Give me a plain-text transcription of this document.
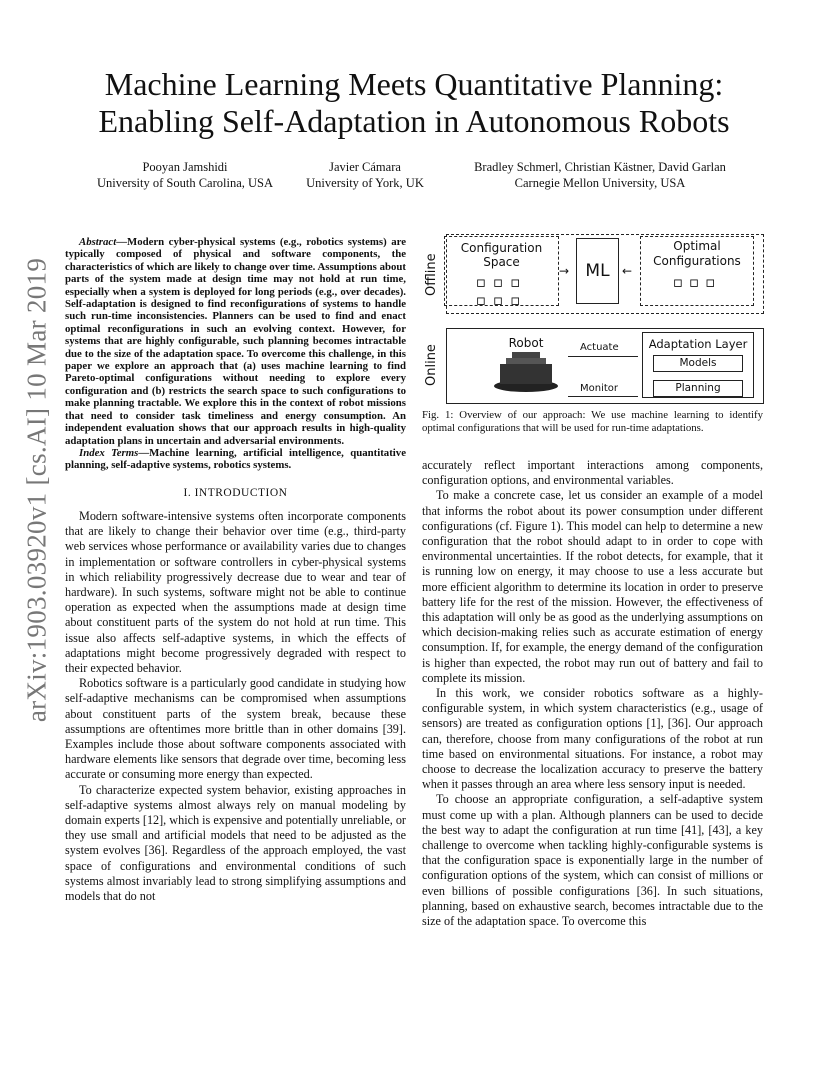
arXiv:1903.03920v1 [cs.AI] 10 Mar 2019
Machine Learning Meets Quantitative Planning:
Enabling Self-Adaptation in Autonomous Robots
Pooyan Jamshidi
University of South Carolina, USA
Javier Cámara
University of York, UK
Bradley Schmerl, Christian Kästner, David Garlan
Carnegie Mellon University, USA

Abstract—Modern cyber-physical systems (e.g., robotics systems) are typically composed of physical and software components, the characteristics of which are likely to change over time. Assumptions about parts of the system made at design time may not hold at run time, especially when a system is deployed for long periods (e.g., over decades). Self-adaptation is designed to find reconfigurations of systems to handle such run-time inconsistencies. Planners can be used to find and enact optimal reconfigurations in such an evolving context. However, for systems that are highly configurable, such planning becomes intractable due to the size of the adaptation space. To overcome this challenge, in this paper we explore an approach that (a) uses machine learning to find Pareto-optimal configurations without needing to explore every configuration and (b) restricts the search space to such configurations to make planning tractable. We explore this in the context of robot missions that need to consider task timeliness and energy consumption. An independent evaluation shows that our approach results in high-quality adaptation plans in uncertain and adversarial environments.

Index Terms—Machine learning, artificial intelligence, quantitative planning, self-adaptive systems, robotics systems.

I. INTRODUCTION

Modern software-intensive systems often incorporate components that are likely to change their behavior over time (e.g., third-party web services whose performance or availability varies due to changes in implementation or software controllers in cyber-physical systems in which reliability progressively decrease due to wear and tear of hardware). In such systems, software might not be able to continue operation as expected when the assumptions made at design time about constituent parts of the system do not hold at run time. This issue also affects self-adaptive systems, in which the effects of adaptations might become progressively degraded with respect to their expected behavior.

Robotics software is a particularly good candidate in studying how self-adaptive mechanisms can be compromised when assumptions about constituent parts of the system break, because these assumptions are oftentimes more brittle than in other domains [39]. Examples include those about software components associated with hardware elements like sensors that degrade over time, becoming less accurate or consuming more energy than expected.

To characterize expected system behavior, existing approaches in self-adaptive systems almost always rely on manual modeling by domain experts [12], which is expensive and potentially unreliable, or they use small and artificial models that need to be adjusted as the system evolves [36]. Regardless of the approach employed, the vast space of configurations and environmental conditions of such systems almost invariably lead to strong simplifying assumptions and models that do not

Offline
Online
Configuration Space
▫▫▫
▫▫▫
ML
Optimal
Configurations
▫▫▫
→	←
Robot	Actuate
Monitor
Adaptation Layer
Models
Planning
Fig. 1: Overview of our approach: We use machine learning to identify optimal configurations that will be used for run-time adaptations.

accurately reflect important interactions among components, configuration options, and environmental variables.

To make a concrete case, let us consider an example of a model that informs the robot about its power consumption under different configurations (cf. Figure 1). This model can help to determine a new configuration that the robot should adapt to in order to cope with environmental uncertainties. If the robot detects, for example, that it is running low on energy, it may choose to use a less accurate but more efficient algorithm to determine its location in order to preserve battery life for the rest of the mission. However, the effectiveness of this adaptation will only be as good as the underlying assumptions on which decision-making relies such as accurate estimation of energy consumption. If, for example, the energy demand of the configuration is higher than expected, the robot may run out of battery and fail to complete its mission.

In this work, we consider robotics software as a highly-configurable system, in which system characteristics (e.g., usage of sensors) are treated as configuration options [1], [36]. Our approach can, therefore, choose from many configurations of the robot at run time based on environmental situations. For instance, a robot may choose to decrease the localization accuracy to preserve the battery when it passes through an area where less sensory input is needed.

To choose an appropriate configuration, a self-adaptive system must come up with a plan. Although planners can be used to decide the best way to adapt the configuration at run time [41], [43], a key challenge to overcome when tackling highly-configurable systems is that the configuration space is exponentially large in the number of configuration options of the system, which can consist of millions or even billions of possible configurations [36]. In such situations, planning, based on exhaustive search, becomes intractable due to the size of the adaptation space. To overcome this
